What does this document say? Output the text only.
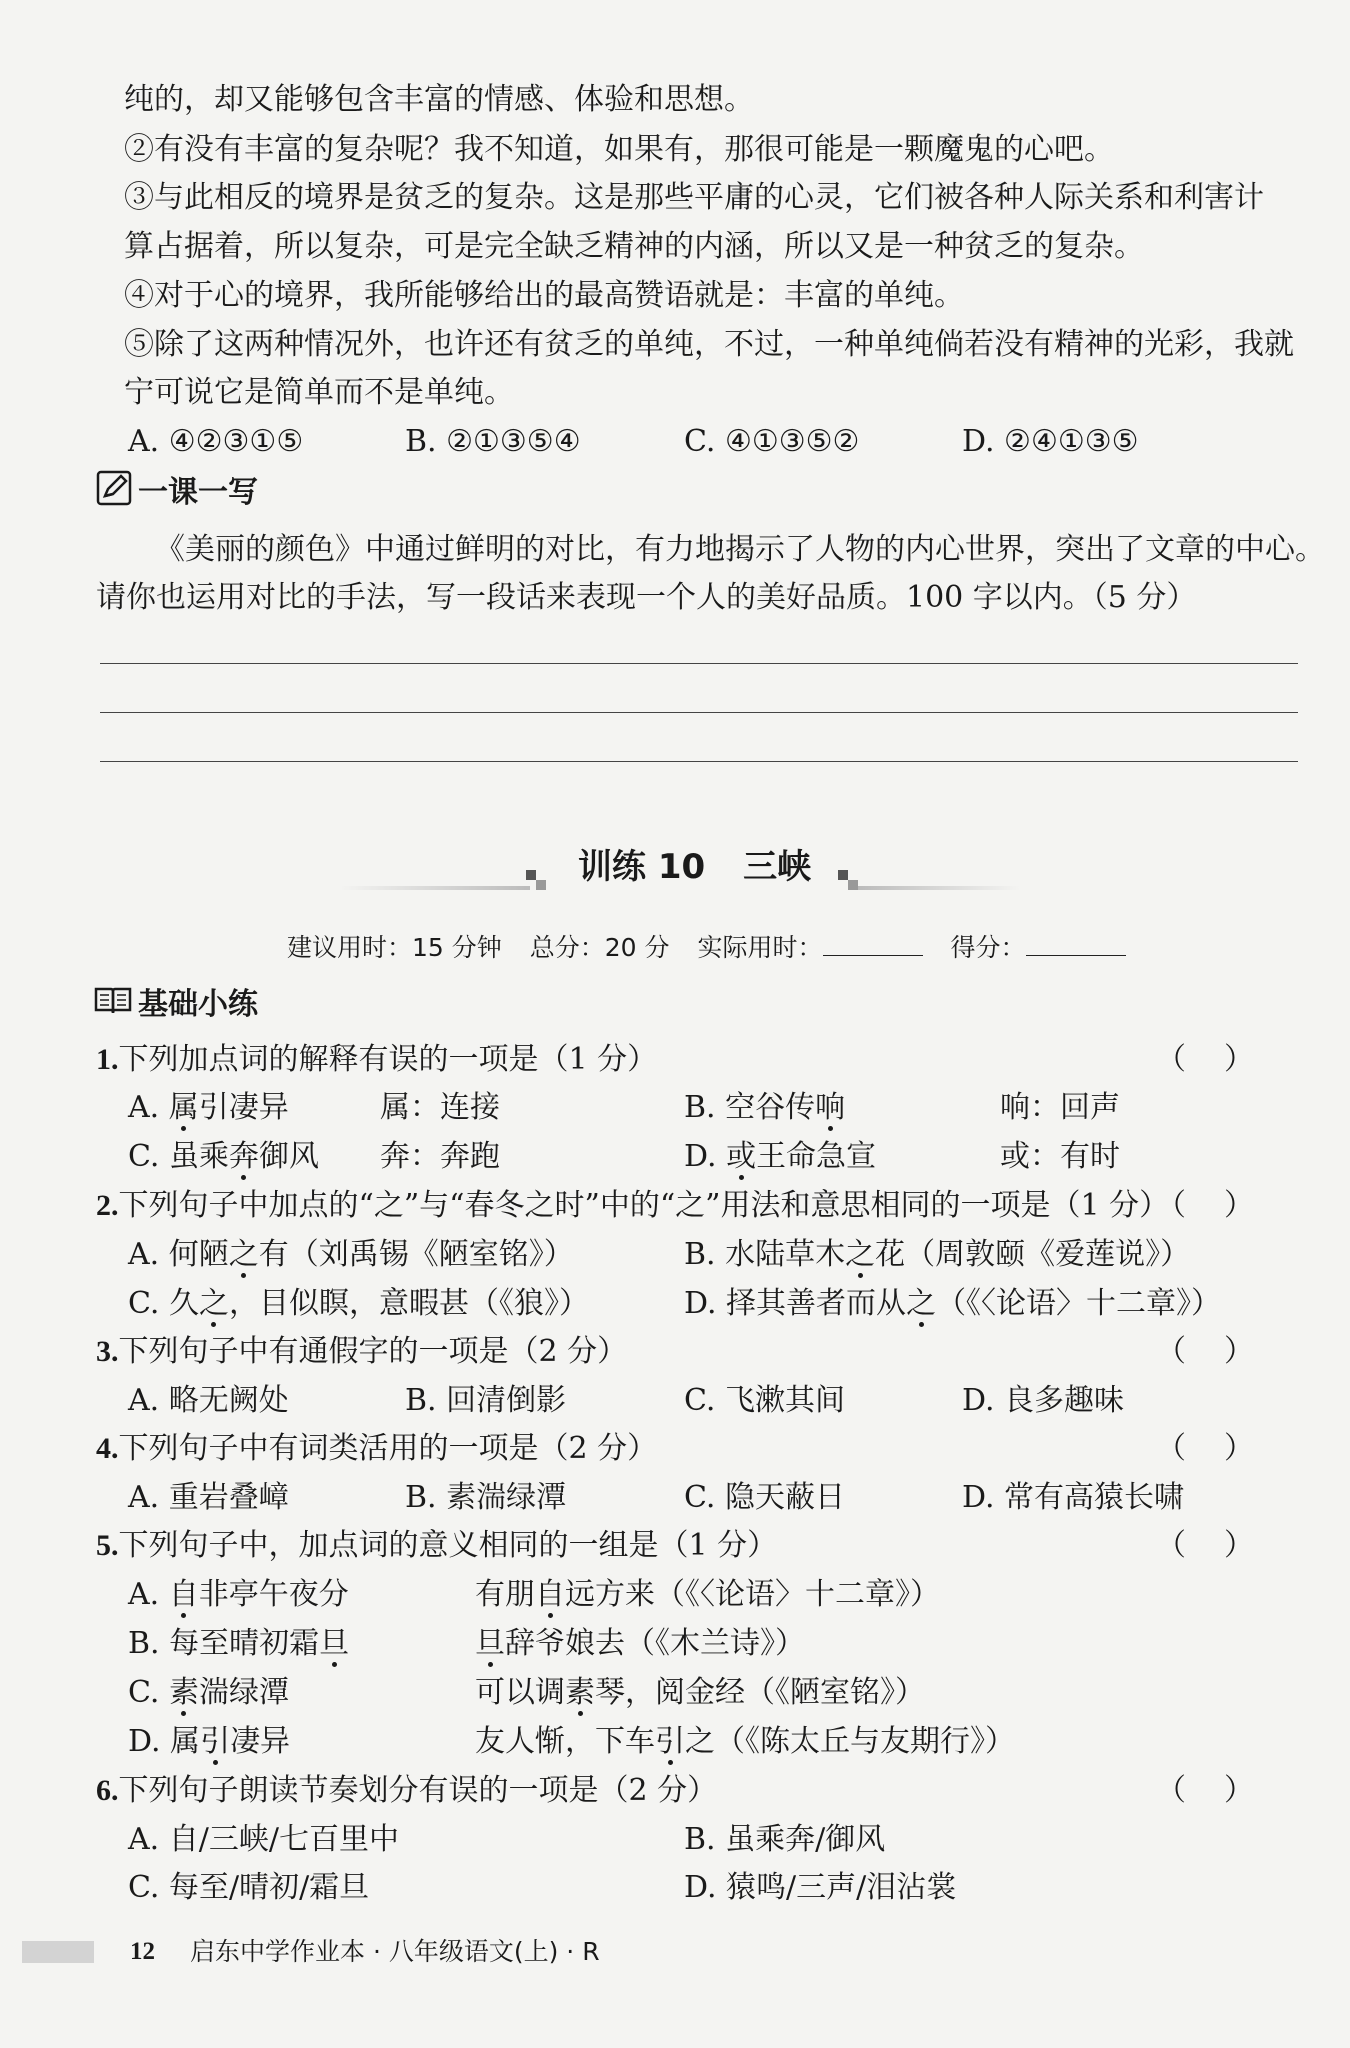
纯的，却又能够包含丰富的情感、体验和思想。
②有没有丰富的复杂呢？我不知道，如果有，那很可能是一颗魔鬼的心吧。
③与此相反的境界是贫乏的复杂。这是那些平庸的心灵，它们被各种人际关系和利害计
算占据着，所以复杂，可是完全缺乏精神的内涵，所以又是一种贫乏的复杂。
④对于心的境界，我所能够给出的最高赞语就是：丰富的单纯。
⑤除了这两种情况外，也许还有贫乏的单纯，不过，一种单纯倘若没有精神的光彩，我就
宁可说它是简单而不是单纯。
A. ④②③①⑤	B. ②①③⑤④	C. ④①③⑤②	D. ②④①③⑤
一课一写
《美丽的颜色》中通过鲜明的对比，有力地揭示了人物的内心世界，突出了文章的中心。
请你也运用对比的手法，写一段话来表现一个人的美好品质。100 字以内。（5 分）
训练 10 三峡
建议用时：15 分钟 总分：20 分 实际用时：	得分：
基础小练
1.下列加点词的解释有误的一项是（1 分）	（）
A. 属引凄异	属：连接	B. 空谷传响	响：回声
C. 虽乘奔御风 奔：奔跑	D. 或王命急宣	或：有时
2.下列句子中加点的“之”与“春冬之时”中的“之”用法和意思相同的一项是（1 分）
（）
A. 何陋之有（刘禹锡《陋室铭》）	B. 水陆草木之花（周敦颐《爱莲说》）
C. 久之，目似瞑，意暇甚（《狼》）	D. 择其善者而从之（《〈论语〉十二章》）
3.下列句子中有通假字的一项是（2 分）	（）
A. 略无阙处	B. 回清倒影	C. 飞漱其间	D. 良多趣味
4.下列句子中有词类活用的一项是（2 分）	（）
A. 重岩叠嶂	B. 素湍绿潭	C. 隐天蔽日	D. 常有高猿长啸
5.下列句子中，加点词的意义相同的一组是（1 分）	（）
A. 自非亭午夜分	有朋自远方来（《〈论语〉十二章》）
B. 每至晴初霜旦	旦辞爷娘去（《木兰诗》）
C. 素湍绿潭	可以调素琴，阅金经（《陋室铭》）
D. 属引凄异	友人惭，下车引之（《陈太丘与友期行》）
6.下列句子朗读节奏划分有误的一项是（2 分）	（）
A. 自/三峡/七百里中	B. 虽乘奔/御风
C. 每至/晴初/霜旦	D. 猿鸣/三声/泪沾裳
12 启东中学作业本 · 八年级语文(上) · R
